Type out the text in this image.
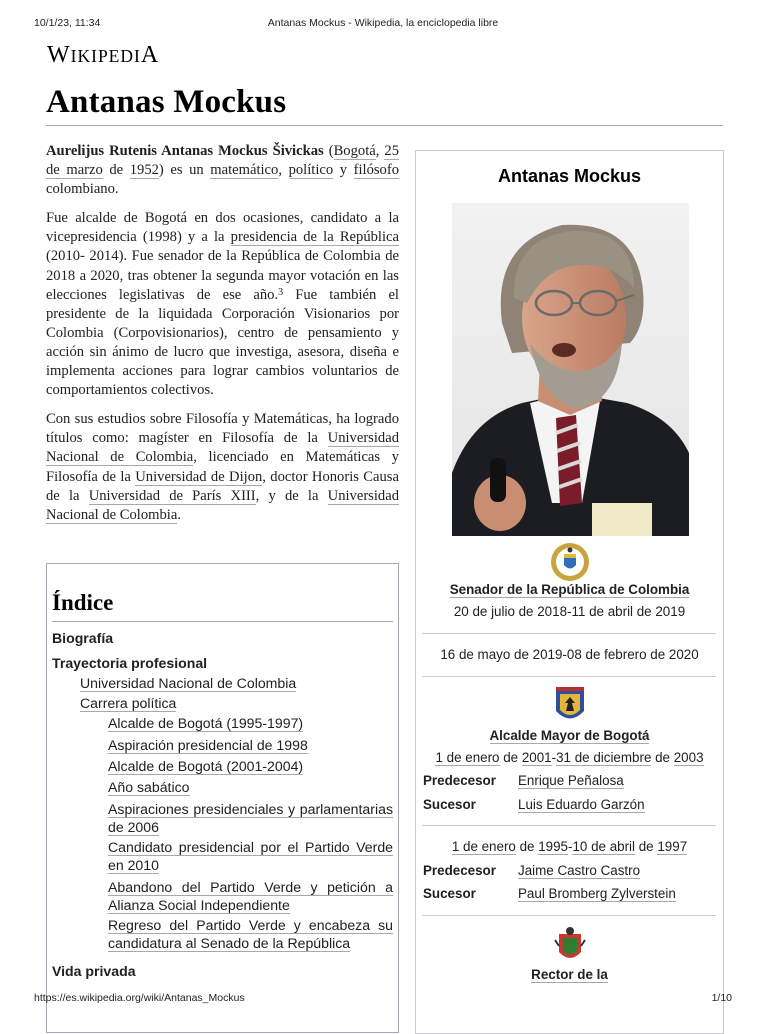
10/1/23, 11:34	Antanas Mockus - Wikipedia, la enciclopedia libre
WIKIPEDIA
Antanas Mockus

Aurelijus Rutenis Antanas Mockus Šivickas (Bogotá, 25 de marzo de 1952) es un matemático, político y filósofo colombiano.

Fue alcalde de Bogotá en dos ocasiones, candidato a la vicepresidencia (1998) y a la presidencia de la República (2010- 2014). Fue senador de la República de Colombia de 2018 a 2020, tras obtener la segunda mayor votación en las elecciones legislativas de ese año.$^3$ Fue también el presidente de la liquidada Corporación Visionarios por Colombia (Corpovisionarios), centro de pensamiento y acción sin ánimo de lucro que investiga, asesora, diseña e implementa acciones para lograr cambios voluntarios de comportamientos colectivos.

Con sus estudios sobre Filosofía y Matemáticas, ha logrado títulos como: magíster en Filosofía de la Universidad Nacional de Colombia, licenciado en Matemáticas y Filosofía de la Universidad de Dijon, doctor Honoris Causa de la Universidad de París XIII, y de la Universidad Nacional de Colombia.

Índice
Biografía
Trayectoria profesional
Universidad Nacional de Colombia
Carrera política
Alcalde de Bogotá (1995-1997)
Aspiración presidencial de 1998
Alcalde de Bogotá (2001-2004)
Año sabático
Aspiraciones presidenciales y parlamentarias de 2006
Candidato presidencial por el Partido Verde en 2010
Abandono del Partido Verde y petición a Alianza Social Independiente
Regreso del Partido Verde y encabeza su candidatura al Senado de la República
Vida privada
Antanas Mockus
Senador de la República de Colombia
20 de julio de 2018-11 de abril de 2019
16 de mayo de 2019-08 de febrero de 2020
Alcalde Mayor de Bogotá
1 de enero de 2001-31 de diciembre de 2003
Predecesor Enrique Peñalosa
Sucesor	Luis Eduardo Garzón
1 de enero de 1995-10 de abril de 1997
Predecesor Jaime Castro Castro
Sucesor	Paul Bromberg Zylverstein
Rector de la
https://es.wikipedia.org/wiki/Antanas_Mockus	1/10
